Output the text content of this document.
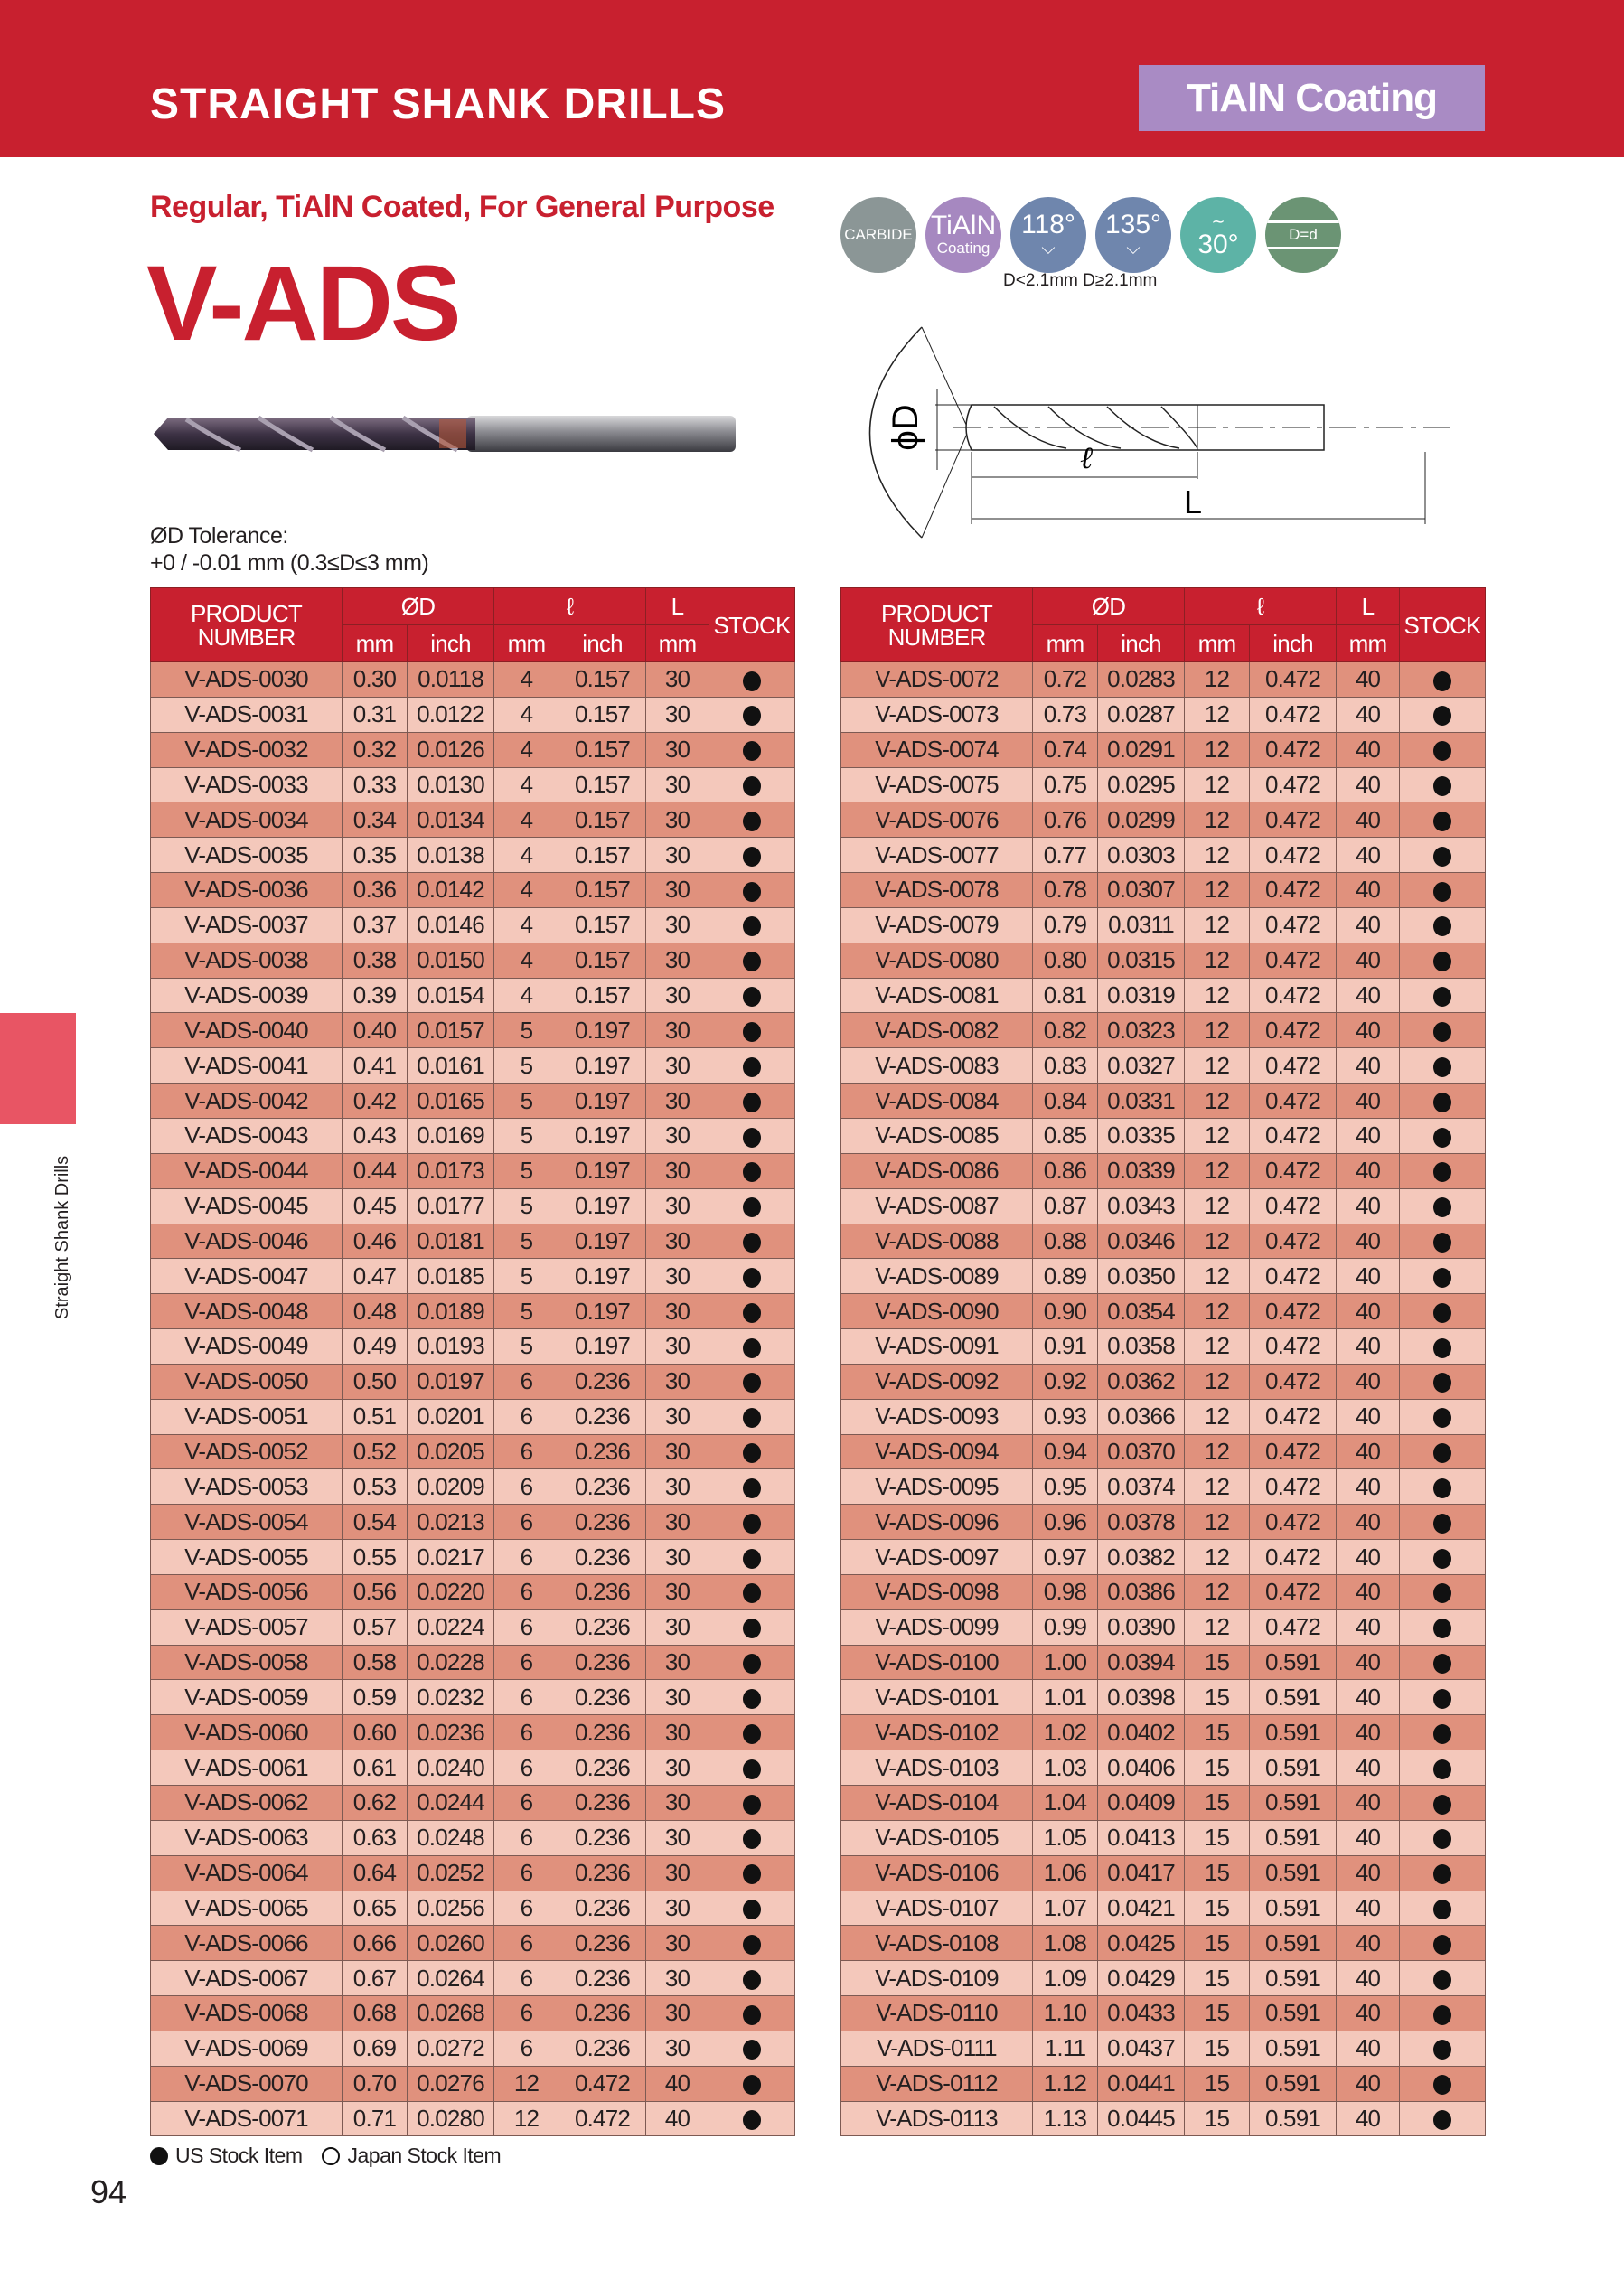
STRAIGHT SHANK DRILLS	TiAlN Coating
Regular, TiAlN Coated, For General Purpose
V-ADS
CARBIDE TiAlN
Coating
118°
⌵
135°
⌵
∼
30°	D=d
D<2.1mm D≥2.1mm
ϕD
ℓ
L
ØD Tolerance:
+0 / -0.01 mm (0.3≤D≤3 mm)
PRODUCT NUMBER	ØD		ℓ		L	STOCK
	mm	inch	mm	inch	mm	
V-ADS-0030	0.30	0.0118	4	0.157	30	
V-ADS-0031	0.31	0.0122	4	0.157	30	
V-ADS-0032	0.32	0.0126	4	0.157	30	
V-ADS-0033	0.33	0.0130	4	0.157	30	
V-ADS-0034	0.34	0.0134	4	0.157	30	
V-ADS-0035	0.35	0.0138	4	0.157	30	
V-ADS-0036	0.36	0.0142	4	0.157	30	
V-ADS-0037	0.37	0.0146	4	0.157	30	
V-ADS-0038	0.38	0.0150	4	0.157	30	
V-ADS-0039	0.39	0.0154	4	0.157	30	
V-ADS-0040	0.40	0.0157	5	0.197	30	
V-ADS-0041	0.41	0.0161	5	0.197	30	
V-ADS-0042	0.42	0.0165	5	0.197	30	
V-ADS-0043	0.43	0.0169	5	0.197	30	
V-ADS-0044	0.44	0.0173	5	0.197	30	
V-ADS-0045	0.45	0.0177	5	0.197	30	
V-ADS-0046	0.46	0.0181	5	0.197	30	
V-ADS-0047	0.47	0.0185	5	0.197	30	
V-ADS-0048	0.48	0.0189	5	0.197	30	
V-ADS-0049	0.49	0.0193	5	0.197	30	
V-ADS-0050	0.50	0.0197	6	0.236	30	
V-ADS-0051	0.51	0.0201	6	0.236	30	
V-ADS-0052	0.52	0.0205	6	0.236	30	
V-ADS-0053	0.53	0.0209	6	0.236	30	
V-ADS-0054	0.54	0.0213	6	0.236	30	
V-ADS-0055	0.55	0.0217	6	0.236	30	
V-ADS-0056	0.56	0.0220	6	0.236	30	
V-ADS-0057	0.57	0.0224	6	0.236	30	
V-ADS-0058	0.58	0.0228	6	0.236	30	
V-ADS-0059	0.59	0.0232	6	0.236	30	
V-ADS-0060	0.60	0.0236	6	0.236	30	
V-ADS-0061	0.61	0.0240	6	0.236	30	
V-ADS-0062	0.62	0.0244	6	0.236	30	
V-ADS-0063	0.63	0.0248	6	0.236	30	
V-ADS-0064	0.64	0.0252	6	0.236	30	
V-ADS-0065	0.65	0.0256	6	0.236	30	
V-ADS-0066	0.66	0.0260	6	0.236	30	
V-ADS-0067	0.67	0.0264	6	0.236	30	
V-ADS-0068	0.68	0.0268	6	0.236	30	
V-ADS-0069	0.69	0.0272	6	0.236	30	
V-ADS-0070	0.70	0.0276	12	0.472	40	
V-ADS-0071	0.71	0.0280	12	0.472	40	
PRODUCT NUMBER	ØD		ℓ		L	STOCK
	mm	inch	mm	inch	mm	
V-ADS-0072	0.72	0.0283	12	0.472	40	
V-ADS-0073	0.73	0.0287	12	0.472	40	
V-ADS-0074	0.74	0.0291	12	0.472	40	
V-ADS-0075	0.75	0.0295	12	0.472	40	
V-ADS-0076	0.76	0.0299	12	0.472	40	
V-ADS-0077	0.77	0.0303	12	0.472	40	
V-ADS-0078	0.78	0.0307	12	0.472	40	
V-ADS-0079	0.79	0.0311	12	0.472	40	
V-ADS-0080	0.80	0.0315	12	0.472	40	
V-ADS-0081	0.81	0.0319	12	0.472	40	
V-ADS-0082	0.82	0.0323	12	0.472	40	
V-ADS-0083	0.83	0.0327	12	0.472	40	
V-ADS-0084	0.84	0.0331	12	0.472	40	
V-ADS-0085	0.85	0.0335	12	0.472	40	
V-ADS-0086	0.86	0.0339	12	0.472	40	
V-ADS-0087	0.87	0.0343	12	0.472	40	
V-ADS-0088	0.88	0.0346	12	0.472	40	
V-ADS-0089	0.89	0.0350	12	0.472	40	
V-ADS-0090	0.90	0.0354	12	0.472	40	
V-ADS-0091	0.91	0.0358	12	0.472	40	
V-ADS-0092	0.92	0.0362	12	0.472	40	
V-ADS-0093	0.93	0.0366	12	0.472	40	
V-ADS-0094	0.94	0.0370	12	0.472	40	
V-ADS-0095	0.95	0.0374	12	0.472	40	
V-ADS-0096	0.96	0.0378	12	0.472	40	
V-ADS-0097	0.97	0.0382	12	0.472	40	
V-ADS-0098	0.98	0.0386	12	0.472	40	
V-ADS-0099	0.99	0.0390	12	0.472	40	
V-ADS-0100	1.00	0.0394	15	0.591	40	
V-ADS-0101	1.01	0.0398	15	0.591	40	
V-ADS-0102	1.02	0.0402	15	0.591	40	
V-ADS-0103	1.03	0.0406	15	0.591	40	
V-ADS-0104	1.04	0.0409	15	0.591	40	
V-ADS-0105	1.05	0.0413	15	0.591	40	
V-ADS-0106	1.06	0.0417	15	0.591	40	
V-ADS-0107	1.07	0.0421	15	0.591	40	
V-ADS-0108	1.08	0.0425	15	0.591	40	
V-ADS-0109	1.09	0.0429	15	0.591	40	
V-ADS-0110	1.10	0.0433	15	0.591	40	
V-ADS-0111	1.11	0.0437	15	0.591	40	
V-ADS-0112	1.12	0.0441	15	0.591	40	
V-ADS-0113	1.13	0.0445	15	0.591	40	
US Stock Item Japan Stock Item
94
Straight Shank Drills
